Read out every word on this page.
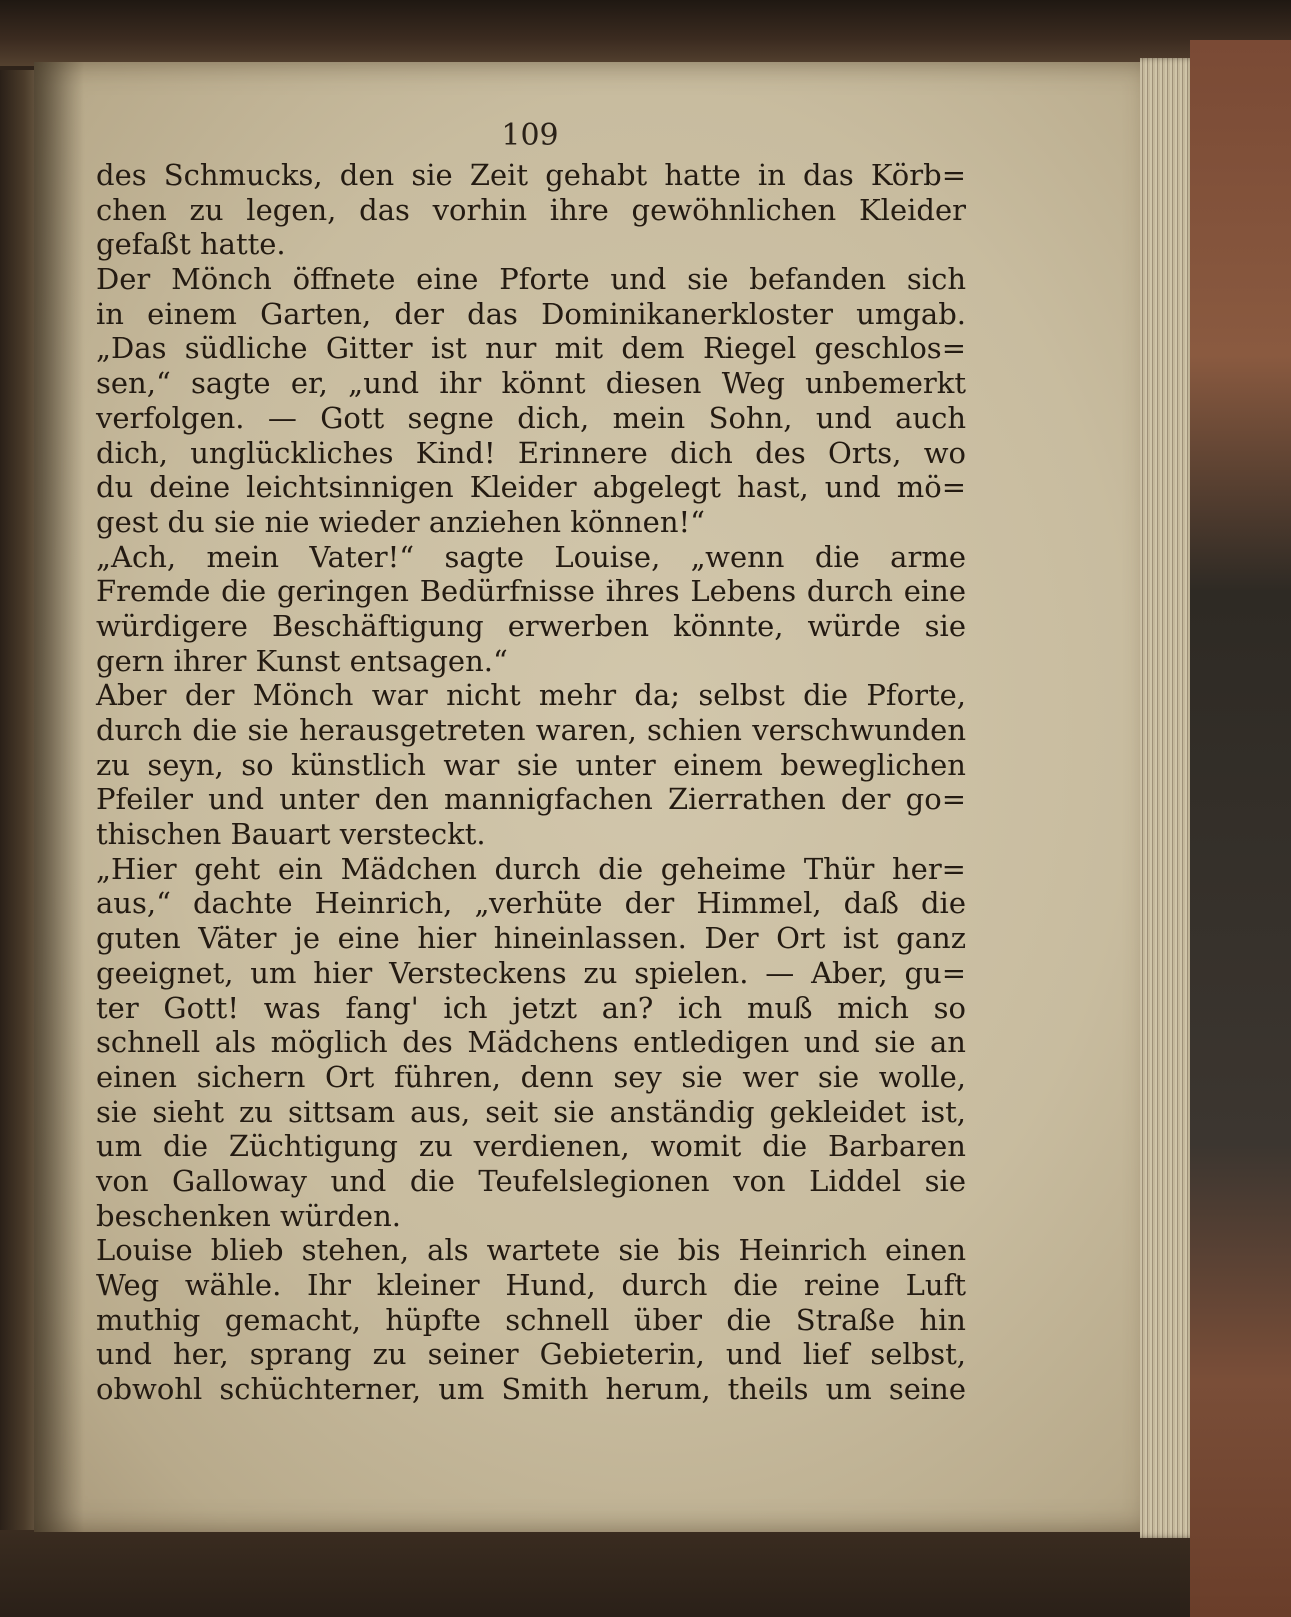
109
des Schmucks, den sie Zeit gehabt hatte in das Körb=
chen zu legen, das vorhin ihre gewöhnlichen Kleider
gefaßt hatte.
Der Mönch öffnete eine Pforte und sie befanden sich
in einem Garten, der das Dominikanerkloster umgab.
„Das südliche Gitter ist nur mit dem Riegel geschlos=
sen,“ sagte er, „und ihr könnt diesen Weg unbemerkt
verfolgen. — Gott segne dich, mein Sohn, und auch
dich, unglückliches Kind! Erinnere dich des Orts, wo
du deine leichtsinnigen Kleider abgelegt hast, und mö=
gest du sie nie wieder anziehen können!“
„Ach, mein Vater!“ sagte Louise, „wenn die arme
Fremde die geringen Bedürfnisse ihres Lebens durch eine
würdigere Beschäftigung erwerben könnte, würde sie
gern ihrer Kunst entsagen.“
Aber der Mönch war nicht mehr da; selbst die Pforte,
durch die sie herausgetreten waren, schien verschwunden
zu seyn, so künstlich war sie unter einem beweglichen
Pfeiler und unter den mannigfachen Zierrathen der go=
thischen Bauart versteckt.
„Hier geht ein Mädchen durch die geheime Thür her=
aus,“ dachte Heinrich, „verhüte der Himmel, daß die
guten Väter je eine hier hineinlassen. Der Ort ist ganz
geeignet, um hier Versteckens zu spielen. — Aber, gu=
ter Gott! was fang' ich jetzt an? ich muß mich so
schnell als möglich des Mädchens entledigen und sie an
einen sichern Ort führen, denn sey sie wer sie wolle,
sie sieht zu sittsam aus, seit sie anständig gekleidet ist,
um die Züchtigung zu verdienen, womit die Barbaren
von Galloway und die Teufelslegionen von Liddel sie
beschenken würden.
Louise blieb stehen, als wartete sie bis Heinrich einen
Weg wähle. Ihr kleiner Hund, durch die reine Luft
muthig gemacht, hüpfte schnell über die Straße hin
und her, sprang zu seiner Gebieterin, und lief selbst,
obwohl schüchterner, um Smith herum, theils um seine
